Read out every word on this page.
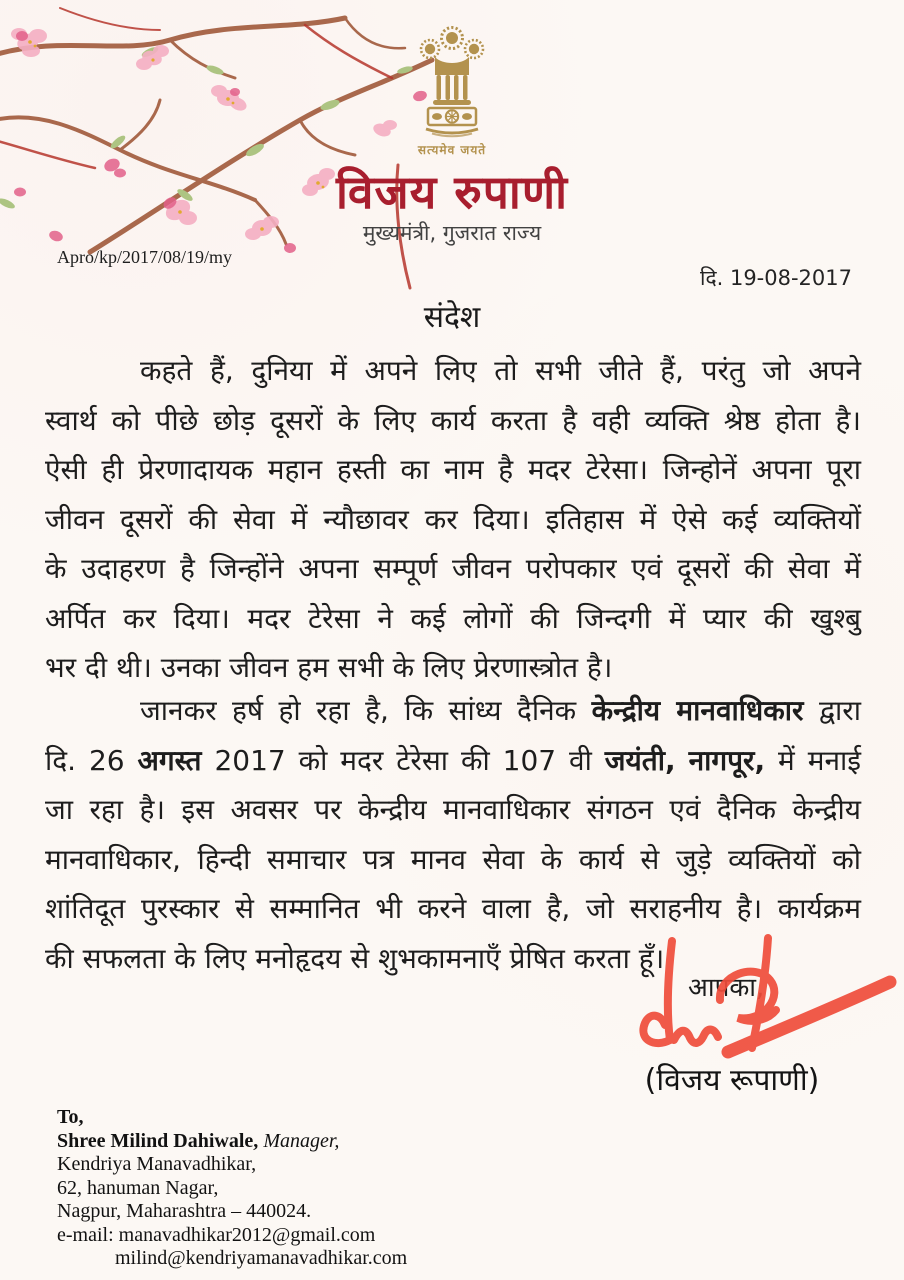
सत्यमेव जयते
विजय रुपाणी
मुख्यमंत्री, गुजरात राज्य
Apro/kp/2017/08/19/my
दि. 19-08-2017
संदेश
कहते हैं, दुनिया में अपने लिए तो सभी जीते हैं, परंतु जो अपने
स्वार्थ को पीछे छोड़ दूसरों के लिए कार्य करता है वही व्यक्ति श्रेष्ठ होता है।
ऐसी ही प्रेरणादायक महान हस्ती का नाम है मदर टेरेसा। जिन्होनें अपना पूरा
जीवन दूसरों की सेवा में न्यौछावर कर दिया। इतिहास में ऐसे कई व्यक्तियों
के उदाहरण है जिन्होंने अपना सम्पूर्ण जीवन परोपकार एवं दूसरों की सेवा में
अर्पित कर दिया। मदर टेरेसा ने कई लोगों की जिन्दगी में प्यार की खुश्बु
भर दी थी। उनका जीवन हम सभी के लिए प्रेरणास्त्रोत है।
जानकर हर्ष हो रहा है, कि सांध्य दैनिक केन्द्रीय मानवाधिकार द्वारा
दि. 26 अगस्त 2017 को मदर टेरेसा की 107 वी जयंती, नागपूर, में मनाई
जा रहा है। इस अवसर पर केन्द्रीय मानवाधिकार संगठन एवं दैनिक केन्द्रीय
मानवाधिकार, हिन्दी समाचार पत्र मानव सेवा के कार्य से जुड़े व्यक्तियों को
शांतिदूत पुरस्कार से सम्मानित भी करने वाला है, जो सराहनीय है। कार्यक्रम
की सफलता के लिए मनोहृदय से शुभकामनाएँ प्रेषित करता हूँ।
आपका,
(विजय रूपाणी)
To,
Shree Milind Dahiwale, Manager,
Kendriya Manavadhikar,
62, hanuman Nagar,
Nagpur, Maharashtra – 440024.
e-mail: manavadhikar2012@gmail.com
milind@kendriyamanavadhikar.com
